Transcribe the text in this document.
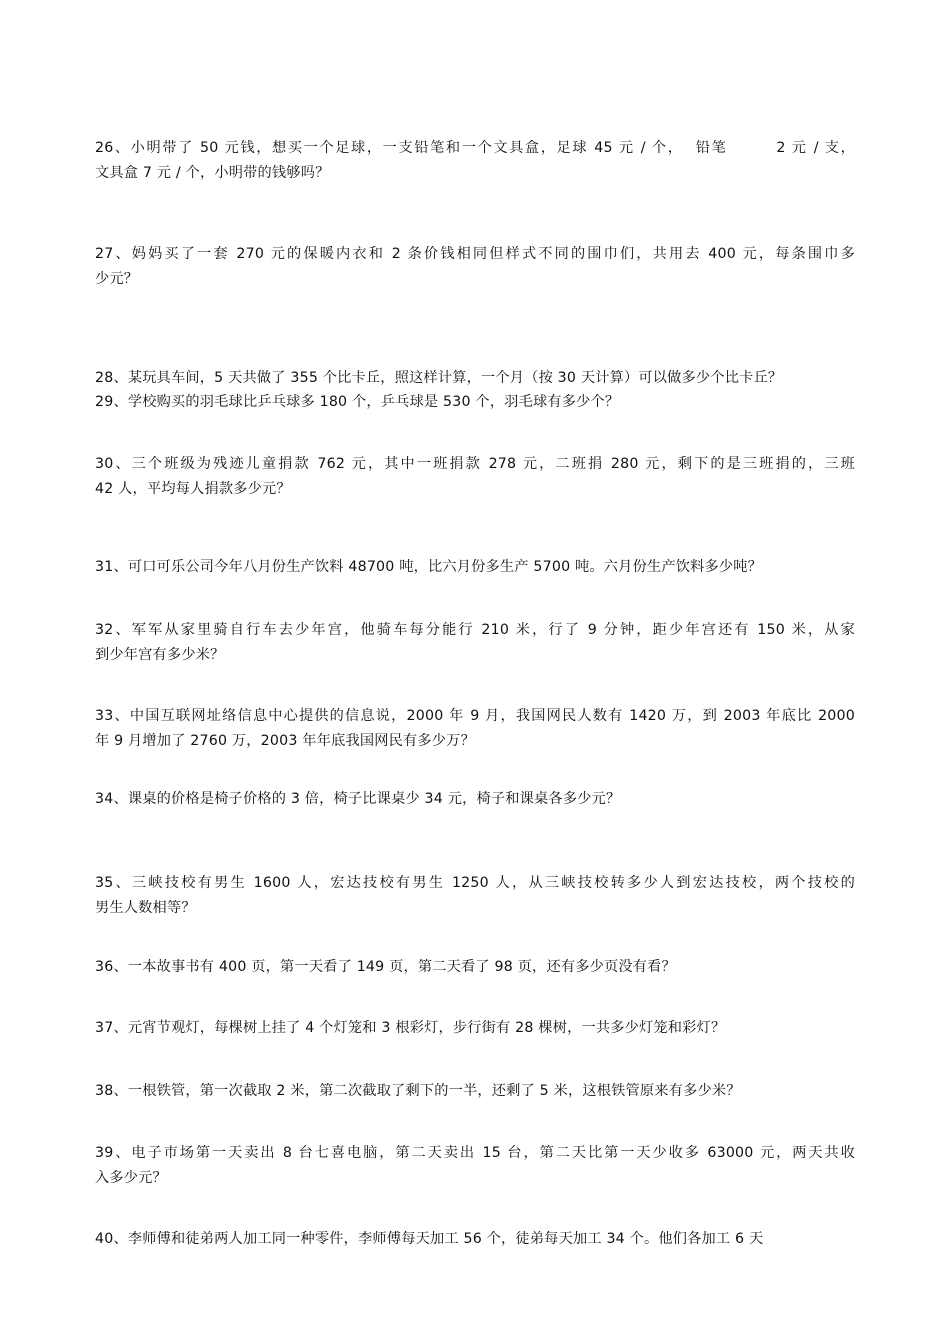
26、小明带了 50 元钱，想买一个足球，一支铅笔和一个文具盒，足球 45 元 / 个，  铅笔        2 元 / 支，
文具盒 7 元 / 个，小明带的钱够吗？
27、妈妈买了一套 270 元的保暖内衣和 2 条价钱相同但样式不同的围巾们，共用去 400 元，每条围巾多
少元？
28、某玩具车间，5 天共做了 355 个比卡丘，照这样计算，一个月（按 30 天计算）可以做多少个比卡丘？
29、学校购买的羽毛球比乒乓球多 180 个，乒乓球是 530 个，羽毛球有多少个？
30、三个班级为残迹儿童捐款 762 元，其中一班捐款 278 元，二班捐 280 元，剩下的是三班捐的，三班
42 人，平均每人捐款多少元？
31、可口可乐公司今年八月份生产饮料 48700 吨，比六月份多生产 5700 吨。六月份生产饮料多少吨？
32、军军从家里骑自行车去少年宫，他骑车每分能行 210 米，行了 9 分钟，距少年宫还有 150 米，从家
到少年宫有多少米？
33、中国互联网址络信息中心提供的信息说，2000 年 9 月，我国网民人数有 1420 万，到 2003 年底比 2000
年 9 月增加了 2760 万，2003 年年底我国网民有多少万？
34、课桌的价格是椅子价格的 3 倍，椅子比课桌少 34 元，椅子和课桌各多少元？
35、三峡技校有男生 1600 人，宏达技校有男生 1250 人，从三峡技校转多少人到宏达技校，两个技校的
男生人数相等？
36、一本故事书有 400 页，第一天看了 149 页，第二天看了 98 页，还有多少页没有看？
37、元宵节观灯，每棵树上挂了 4 个灯笼和 3 根彩灯，步行街有 28 棵树，一共多少灯笼和彩灯？
38、一根铁管，第一次截取 2 米，第二次截取了剩下的一半，还剩了 5 米，这根铁管原来有多少米？
39、电子市场第一天卖出 8 台七喜电脑，第二天卖出 15 台，第二天比第一天少收多 63000 元，两天共收
入多少元？
40、李师傅和徒弟两人加工同一种零件，李师傅每天加工 56 个，徒弟每天加工 34 个。他们各加工 6 天
